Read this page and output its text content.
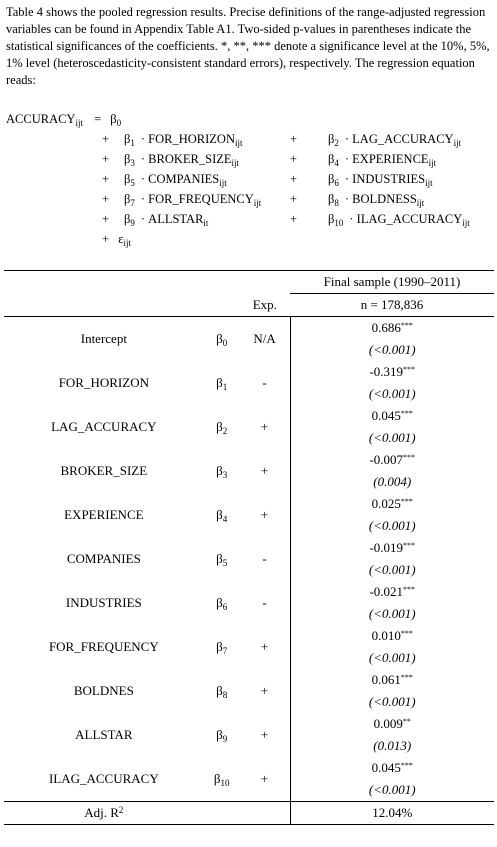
Table 4 shows the pooled regression results. Precise definitions of the range-adjusted regression variables can be found in Appendix Table A1. Two-sided p-values in parentheses indicate the statistical significances of the coefficients. *, **, *** denote a significance level at the 10%, 5%, 1% level (heteroscedasticity-consistent standard errors), respectively. The regression equation reads:
$ACCURACY_{ijt} = \beta_0$
+ $\beta_1$ · $FOR\_HORIZON_{ijt}$	+ $\beta_2$ · $LAG\_ACCURACY_{ijt}$
+ $\beta_3$ · $BROKER\_SIZE_{ijt}$	+ $\beta_4$ · $EXPERIENCE_{ijt}$
+ $\beta_5$ · $COMPANIES_{ijt}$	+ $\beta_6$ · $INDUSTRIES_{ijt}$
+ $\beta_7$ · $FOR\_FREQUENCY_{ijt} + \beta_8$ · $BOLDNESS_{ijt}$
+ $\beta_9$ · $ALLSTAR_{it}$	+ $\beta_{10}$ · $ILAG\_ACCURACY_{ijt}$
+ $\varepsilon_{ijt}$
			Final sample (1990–2011)
		Exp.	n = 178,836
Intercept	$\beta_0$	N/A	0.686***
			(<0.001)
FOR_HORIZON	$\beta_1$	-	-0.319***
			(<0.001)
LAG_ACCURACY	$\beta_2$	+	0.045***
			(<0.001)
BROKER_SIZE	$\beta_3$	+	-0.007***
			(0.004)
EXPERIENCE	$\beta_4$	+	0.025***
			(<0.001)
COMPANIES	$\beta_5$	-	-0.019***
			(<0.001)
INDUSTRIES	$\beta_6$	-	-0.021***
			(<0.001)
FOR_FREQUENCY	$\beta_7$	+	0.010***
			(<0.001)
BOLDNES	$\beta_8$	+	0.061***
			(<0.001)
ALLSTAR	$\beta_9$	+	0.009**
			(0.013)
ILAG_ACCURACY	$\beta_{10}$	+	0.045***
			(<0.001)
Adj. $R^2$			12.04%
